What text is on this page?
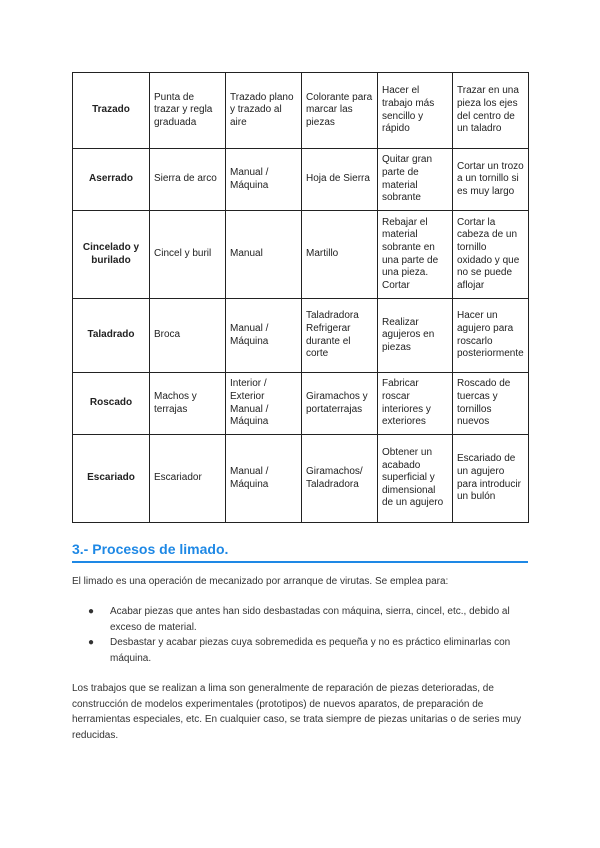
Trazado	Punta de trazar y regla graduada	Trazado plano y trazado al aire	Colorante para marcar las piezas	Hacer el trabajo más sencillo y rápido	Trazar en una pieza los ejes del centro de un taladro
Aserrado	Sierra de arco	Manual / Máquina	Hoja de Sierra	Quitar gran parte de material sobrante	Cortar un trozo a un tornillo si es muy largo
Cincelado y burilado	Cincel y buril	Manual	Martillo	Rebajar el material sobrante en una parte de una pieza. Cortar	Cortar la cabeza de un tornillo oxidado y que no se puede aflojar
Taladrado	Broca	Manual / Máquina	Taladradora Refrigerar durante el corte	Realizar agujeros en piezas	Hacer un agujero para roscarlo posteriormente
Roscado	Machos y terrajas	Interior / Exterior Manual / Máquina	Giramachos y portaterrajas	Fabricar roscar interiores y exteriores	Roscado de tuercas y tornillos nuevos
Escariado	Escariador	Manual / Máquina	Giramachos/ Taladradora	Obtener un acabado superficial y dimensional de un agujero	Escariado de un agujero para introducir un bulón
3.- Procesos de limado.

El limado es una operación de mecanizado por arranque de virutas. Se emplea para:

● Acabar piezas que antes han sido desbastadas con máquina, sierra, cincel, etc., debido al exceso de material.
● Desbastar y acabar piezas cuya sobremedida es pequeña y no es práctico eliminarlas con máquina.

Los trabajos que se realizan a lima son generalmente de reparación de piezas deterioradas, de construcción de modelos experimentales (prototipos) de nuevos aparatos, de preparación de herramientas especiales, etc. En cualquier caso, se trata siempre de piezas unitarias o de series muy reducidas.
